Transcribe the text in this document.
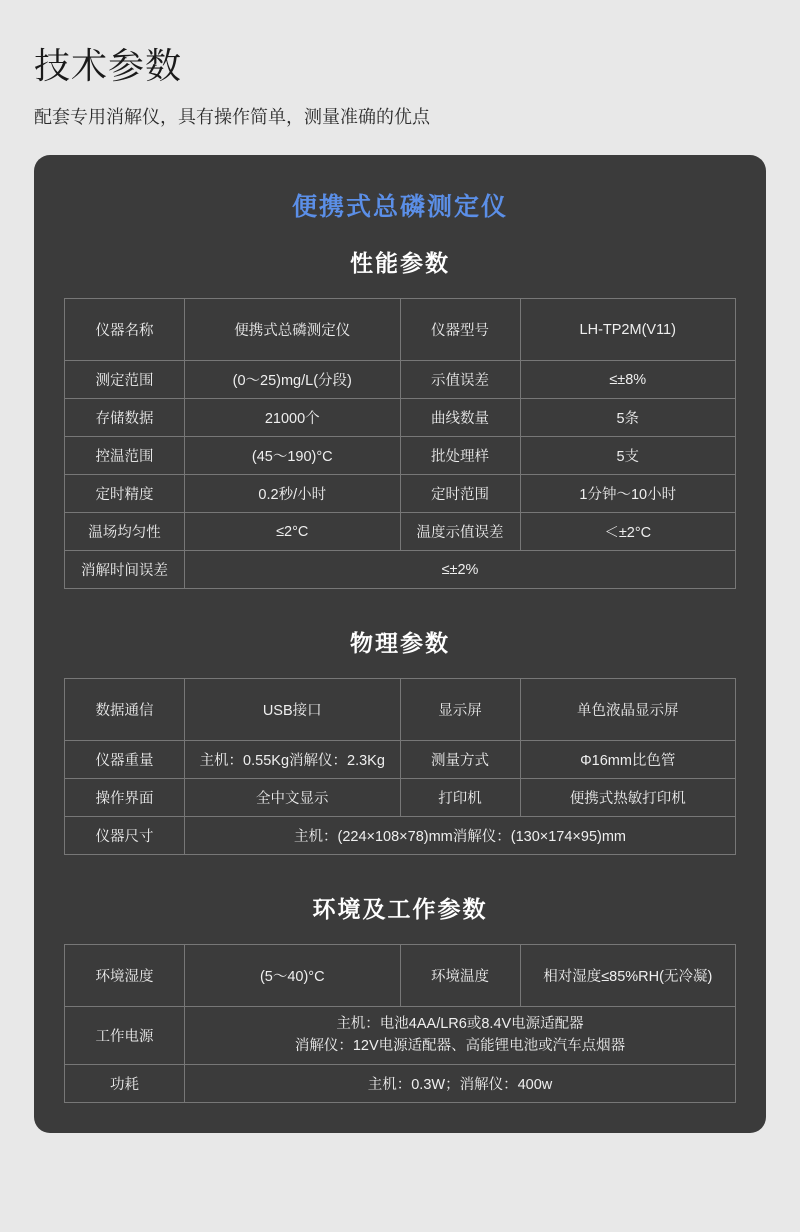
技术参数

配套专用消解仪，具有操作简单，测量准确的优点

便携式总磷测定仪
性能参数
仪器名称	便携式总磷测定仪	仪器型号	LH-TP2M(V11)
测定范围	(0～25)mg/L(分段)	示值误差	≤±8%
存储数据	21000个	曲线数量	5条
控温范围	(45～190)°C	批处理样	5支
定时精度	0.2秒/小时	定时范围	1分钟～10小时
温场均匀性	≤2°C	温度示值误差	＜±2°C
消解时间误差	≤±2%		
物理参数
数据通信	USB接口	显示屏	单色液晶显示屏
仪器重量	主机：0.55Kg消解仪：2.3Kg	测量方式	Φ16mm比色管
操作界面	全中文显示	打印机	便携式热敏打印机
仪器尺寸	主机：(224×108×78)mm消解仪：(130×174×95)mm		
环境及工作参数
环境湿度	(5～40)°C	环境温度	相对湿度≤85%RH(无冷凝)
工作电源	主机：电池4AA/LR6或8.4V电源适配器
消解仪：12V电源适配器、高能锂电池或汽车点烟器		

功耗	主机：0.3W；消解仪：400w		
